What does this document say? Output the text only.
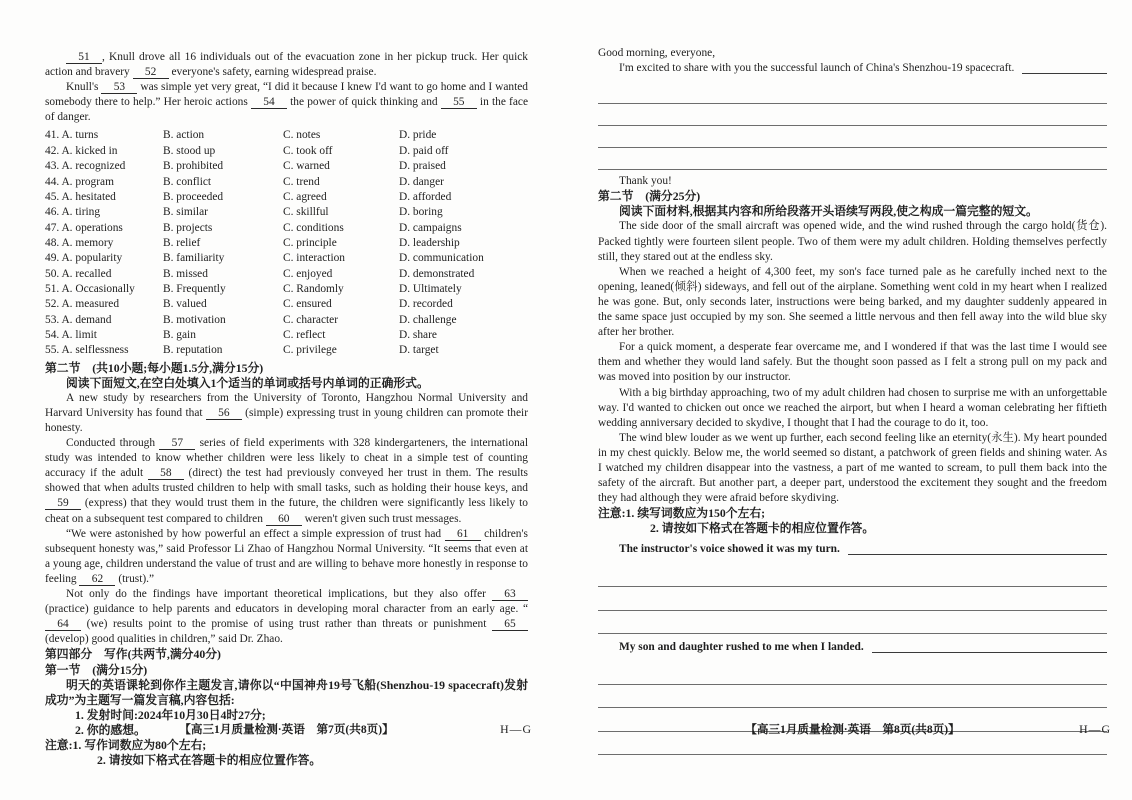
51 , Knull drove all 16 individuals out of the evacuation zone in her pickup truck. Her quick action and bravery 52 everyone's safety, earning widespread praise.

Knull's 53 was simple yet very great, “I did it because I knew I'd want to go home and I wanted somebody there to help.” Her heroic actions 54 the power of quick thinking and 55 in the face of danger.

41. A. turns	B. action	C. notes	D. pride
42. A. kicked in	B. stood up	C. took off	D. paid off
43. A. recognized	B. prohibited	C. warned	D. praised
44. A. program	B. conflict	C. trend	D. danger
45. A. hesitated	B. proceeded	C. agreed	D. afforded
46. A. tiring	B. similar	C. skillful	D. boring
47. A. operations	B. projects	C. conditions	D. campaigns
48. A. memory	B. relief	C. principle	D. leadership
49. A. popularity	B. familiarity	C. interaction	D. communication
50. A. recalled	B. missed	C. enjoyed	D. demonstrated
51. A. Occasionally	B. Frequently	C. Randomly	D. Ultimately
52. A. measured	B. valued	C. ensured	D. recorded
53. A. demand	B. motivation	C. character	D. challenge
54. A. limit	B. gain	C. reflect	D. share
55. A. selflessness	B. reputation	C. privilege	D. target

第二节　(共10小题;每小题1.5分,满分15分)

阅读下面短文,在空白处填入1个适当的单词或括号内单词的正确形式。

A new study by researchers from the University of Toronto, Hangzhou Normal University and Harvard University has found that 56 (simple) expressing trust in young children can promote their honesty.

Conducted through 57 series of field experiments with 328 kindergarteners, the international study was intended to know whether children were less likely to cheat in a simple test of counting accuracy if the adult 58 (direct) the test had previously conveyed her trust in them. The results showed that when adults trusted children to help with small tasks, such as holding their house keys, and 59 (express) that they would trust them in the future, the children were significantly less likely to cheat on a subsequent test compared to children 60 weren't given such trust messages.

“We were astonished by how powerful an effect a simple expression of trust had 61 children's subsequent honesty was,” said Professor Li Zhao of Hangzhou Normal University. “It seems that even at a young age, children understand the value of trust and are willing to behave more honestly in response to feeling 62 (trust).”

Not only do the findings have important theoretical implications, but they also offer 63 (practice) guidance to help parents and educators in developing moral character from an early age. “64 (we) results point to the promise of using trust rather than threats or punishment 65 (develop) good qualities in children,” said Dr. Zhao.

第四部分　写作(共两节,满分40分)

第一节　(满分15分)

明天的英语课轮到你作主题发言,请你以“中国神舟19号飞船(Shenzhou-19 spacecraft)发射成功”为主题写一篇发言稿,内容包括:

1. 发射时间:2024年10月30日4时27分;

2. 你的感想。

注意:1. 写作词数应为80个左右;

2. 请按如下格式在答题卡的相应位置作答。

【高三1月质量检测·英语　第7页(共8页)】	H—G

Good morning, everyone,

I'm excited to share with you the successful launch of China's Shenzhou-19 spacecraft.

Thank you!

第二节　(满分25分)

阅读下面材料,根据其内容和所给段落开头语续写两段,使之构成一篇完整的短文。

The side door of the small aircraft was opened wide, and the wind rushed through the cargo hold(货仓). Packed tightly were fourteen silent people. Two of them were my adult children. Holding themselves perfectly still, they stared out at the endless sky.

When we reached a height of 4,300 feet, my son's face turned pale as he carefully inched next to the opening, leaned(倾斜) sideways, and fell out of the airplane. Something went cold in my heart when I realized he was gone. But, only seconds later, instructions were being barked, and my daughter suddenly appeared in the same space just occupied by my son. She seemed a little nervous and then fell away into the wild blue sky after her brother.

For a quick moment, a desperate fear overcame me, and I wondered if that was the last time I would see them and whether they would land safely. But the thought soon passed as I felt a strong pull on my pack and was moved into position by our instructor.

With a big birthday approaching, two of my adult children had chosen to surprise me with an unforgettable way. I'd wanted to chicken out once we reached the airport, but when I heard a woman celebrating her fiftieth wedding anniversary decided to skydive, I thought that I had the courage to do it, too.

The wind blew louder as we went up further, each second feeling like an eternity(永生). My heart pounded in my chest quickly. Below me, the world seemed so distant, a patchwork of green fields and shining water. As I watched my children disappear into the vastness, a part of me wanted to scream, to pull them back into the safety of the aircraft. But another part, a deeper part, understood the excitement they sought and the freedom they had although they were afraid before skydiving.

注意:1. 续写词数应为150个左右;

2. 请按如下格式在答题卡的相应位置作答。

The instructor's voice showed it was my turn.
My son and daughter rushed to me when I landed.
【高三1月质量检测·英语　第8页(共8页)】	H—G
